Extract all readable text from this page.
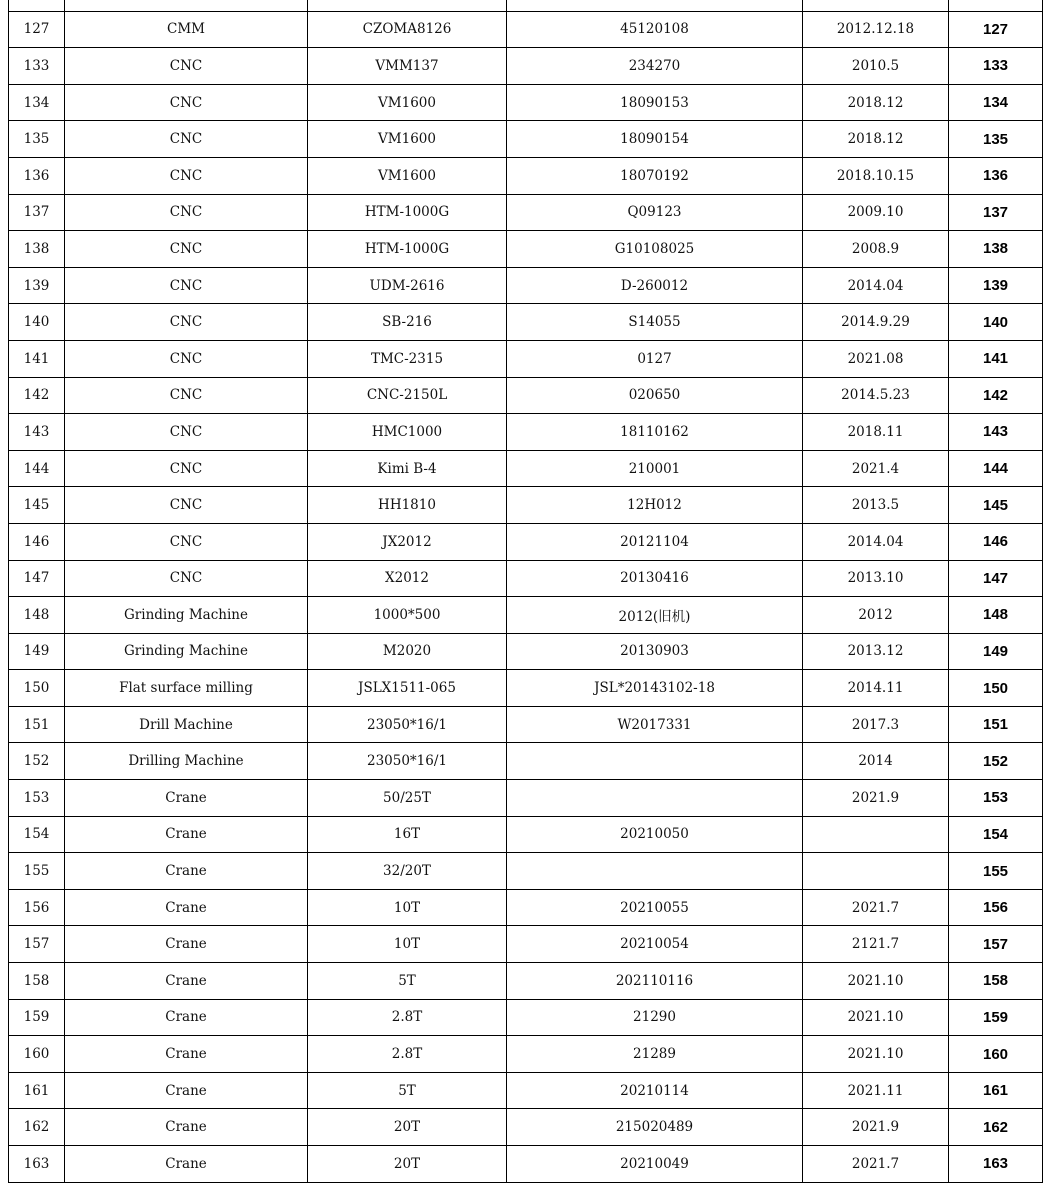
127	CMM	CZOMA8126	45120108	2012.12.18	127
133	CNC	VMM137	234270	2010.5	133
134	CNC	VM1600	18090153	2018.12	134
135	CNC	VM1600	18090154	2018.12	135
136	CNC	VM1600	18070192	2018.10.15	136
137	CNC	HTM-1000G	Q09123	2009.10	137
138	CNC	HTM-1000G	G10108025	2008.9	138
139	CNC	UDM-2616	D-260012	2014.04	139
140	CNC	SB-216	S14055	2014.9.29	140
141	CNC	TMC-2315	0127	2021.08	141
142	CNC	CNC-2150L	020650	2014.5.23	142
143	CNC	HMC1000	18110162	2018.11	143
144	CNC	Kimi B-4	210001	2021.4	144
145	CNC	HH1810	12H012	2013.5	145
146	CNC	JX2012	20121104	2014.04	146
147	CNC	X2012	20130416	2013.10	147
148	Grinding Machine	1000*500	2012(旧机)	2012	148
149	Grinding Machine	M2020	20130903	2013.12	149
150	Flat surface milling	JSLX1511-065	JSL*20143102-18	2014.11	150
151	Drill Machine	23050*16/1	W2017331	2017.3	151
152	Drilling Machine	23050*16/1		2014	152
153	Crane	50/25T		2021.9	153
154	Crane	16T	20210050		154
155	Crane	32/20T			155
156	Crane	10T	20210055	2021.7	156
157	Crane	10T	20210054	2121.7	157
158	Crane	5T	202110116	2021.10	158
159	Crane	2.8T	21290	2021.10	159
160	Crane	2.8T	21289	2021.10	160
161	Crane	5T	20210114	2021.11	161
162	Crane	20T	215020489	2021.9	162
163	Crane	20T	20210049	2021.7	163
